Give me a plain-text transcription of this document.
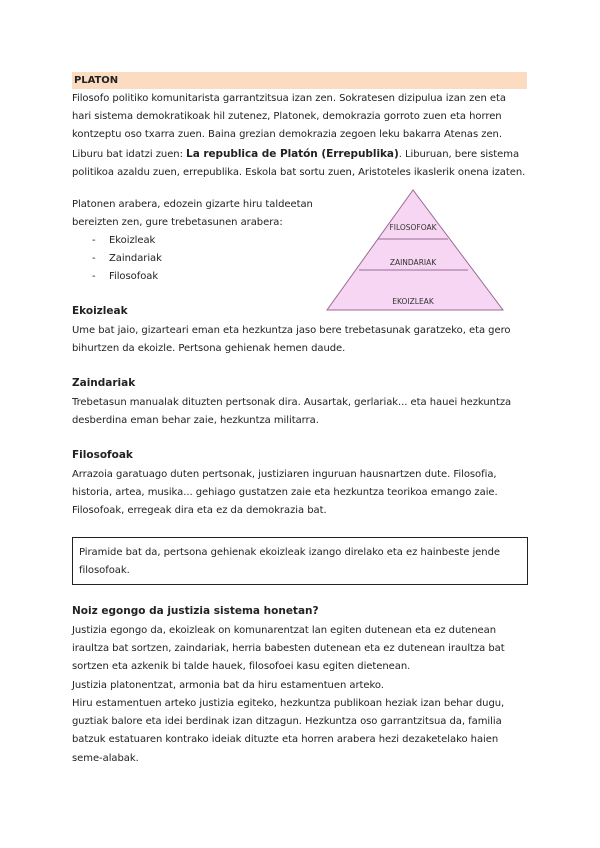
PLATON
Filosofo politiko komunitarista garrantzitsua izan zen. Sokratesen dizipulua izan zen eta hari sistema demokratikoak hil zutenez, Platonek, demokrazia gorroto zuen eta horren kontzeptu oso txarra zuen. Baina grezian demokrazia zegoen leku bakarra Atenas zen. Liburu bat idatzi zuen: La republica de Platón (Errepublika). Liburuan, bere sistema politikoa azaldu zuen, errepublika. Eskola bat sortu zuen, Aristoteles ikaslerik onena izaten.
Platonen arabera, edozein gizarte hiru taldeetan bereizten zen, gure trebetasunen arabera:
- Ekoizleak
- Zaindariak
- Filosofoak
FILOSOFOAK
ZAINDARIAK
EKOIZLEAK
Ekoizleak
Ume bat jaio, gizarteari eman eta hezkuntza jaso bere trebetasunak garatzeko, eta gero bihurtzen da ekoizle. Pertsona gehienak hemen daude.
Zaindariak
Trebetasun manualak dituzten pertsonak dira. Ausartak, gerlariak... eta hauei hezkuntza desberdina eman behar zaie, hezkuntza militarra.
Filosofoak
Arrazoia garatuago duten pertsonak, justiziaren inguruan hausnartzen dute. Filosofia, historia, artea, musika... gehiago gustatzen zaie eta hezkuntza teorikoa emango zaie. Filosofoak, erregeak dira eta ez da demokrazia bat.
Piramide bat da, pertsona gehienak ekoizleak izango direlako eta ez hainbeste jende filosofoak.
Noiz egongo da justizia sistema honetan?
Justizia egongo da, ekoizleak on komunarentzat lan egiten dutenean eta ez dutenean iraultza bat sortzen, zaindariak, herria babesten dutenean eta ez dutenean iraultza bat sortzen eta azkenik bi talde hauek, filosofoei kasu egiten dietenean.
Justizia platonentzat, armonia bat da hiru estamentuen arteko.
Hiru estamentuen arteko justizia egiteko, hezkuntza publikoan heziak izan behar dugu, guztiak balore eta idei berdinak izan ditzagun. Hezkuntza oso garrantzitsua da, familia batzuk estatuaren kontrako ideiak dituzte eta horren arabera hezi dezaketelako haien seme-alabak.
